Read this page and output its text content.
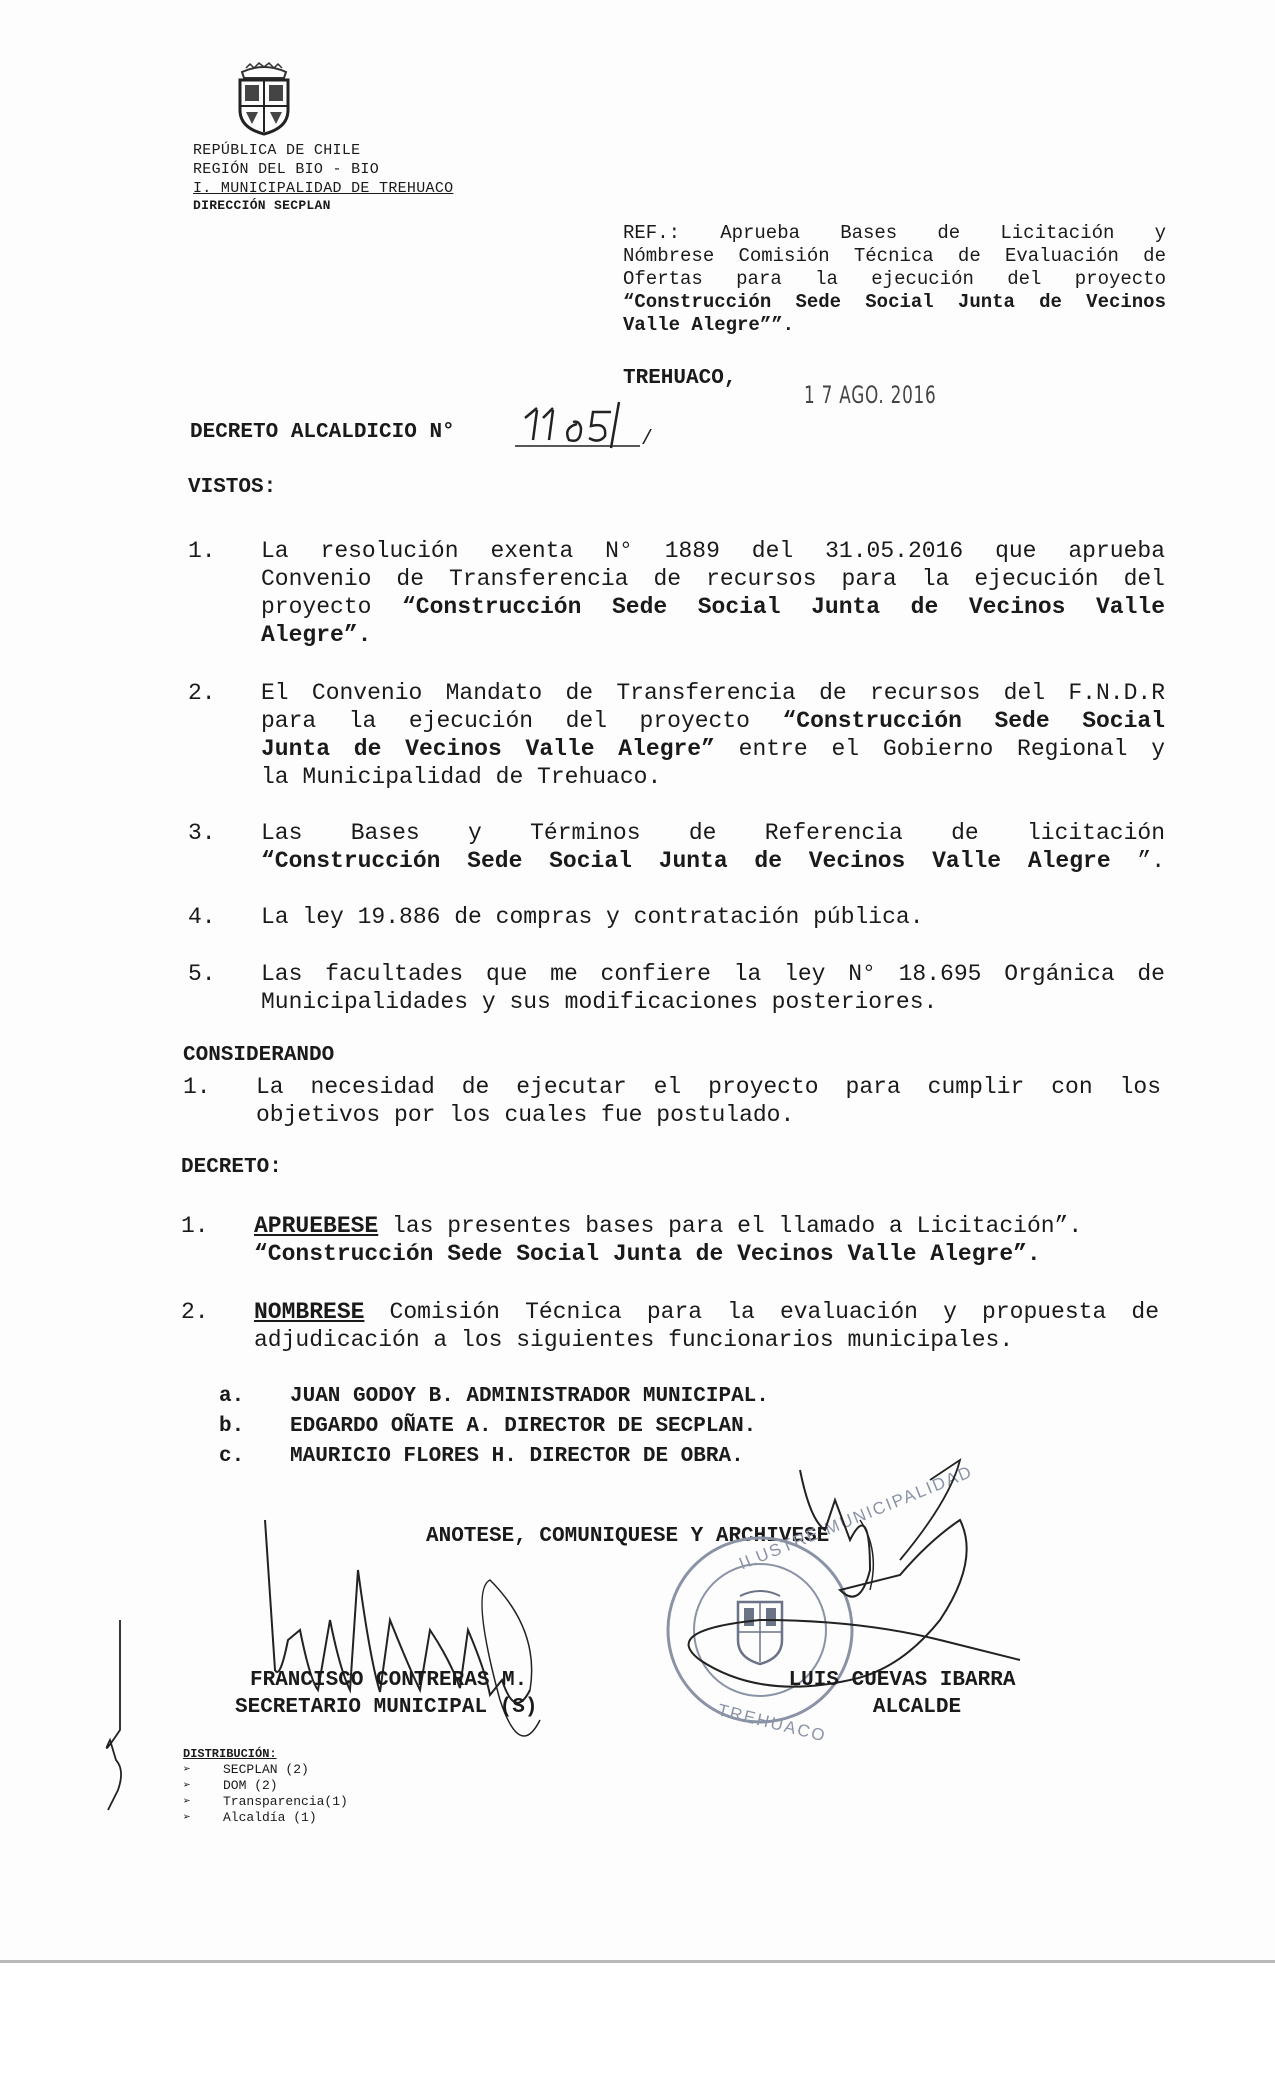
REPÚBLICA DE CHILE
REGIÓN DEL BIO - BIO
I. MUNICIPALIDAD DE TREHUACO
DIRECCIÓN SECPLAN
REF.: Aprueba Bases de Licitación y
Nómbrese Comisión Técnica de Evaluación de
Ofertas para la ejecución del proyecto
“Construcción Sede Social Junta de Vecinos
Valle Alegre””.
TREHUACO,
1 7 AGO. 2016
DECRETO ALCALDICIO N°	/
VISTOS:
1. La resolución exenta N° 1889 del 31.05.2016 que aprueba
Convenio de Transferencia de recursos para la ejecución del
proyecto “Construcción Sede Social Junta de Vecinos Valle
Alegre”.
2. El Convenio Mandato de Transferencia de recursos del F.N.D.R
para la ejecución del proyecto “Construcción Sede Social
Junta de Vecinos Valle Alegre” entre el Gobierno Regional y
la Municipalidad de Trehuaco.
3. Las Bases y Términos de Referencia de licitación
“Construcción Sede Social Junta de Vecinos Valle Alegre ”.
4. La ley 19.886 de compras y contratación pública.
5. Las facultades que me confiere la ley N° 18.695 Orgánica de
Municipalidades y sus modificaciones posteriores.
CONSIDERANDO
1. La necesidad de ejecutar el proyecto para cumplir con los
objetivos por los cuales fue postulado.
DECRETO:
1. APRUEBESE las presentes bases para el llamado a Licitación”.
“Construcción Sede Social Junta de Vecinos Valle Alegre”.
2. NOMBRESE Comisión Técnica para la evaluación y propuesta de
adjudicación a los siguientes funcionarios municipales.
a. JUAN GODOY B. ADMINISTRADOR MUNICIPAL.
b. EDGARDO OÑATE A. DIRECTOR DE SECPLAN.
c. MAURICIO FLORES H. DIRECTOR DE OBRA.
ANOTESE, COMUNIQUESE Y ARCHIVESE
ILUSTRE MUNICIPALIDAD
TREHUACO
FRANCISCO CONTRERAS M.
SECRETARIO MUNICIPAL (S)
LUIS CUEVAS IBARRA
ALCALDE
DISTRIBUCIÓN:
➢ SECPLAN (2)
➢ DOM (2)
➢ Transparencia(1)
➢ Alcaldía (1)
